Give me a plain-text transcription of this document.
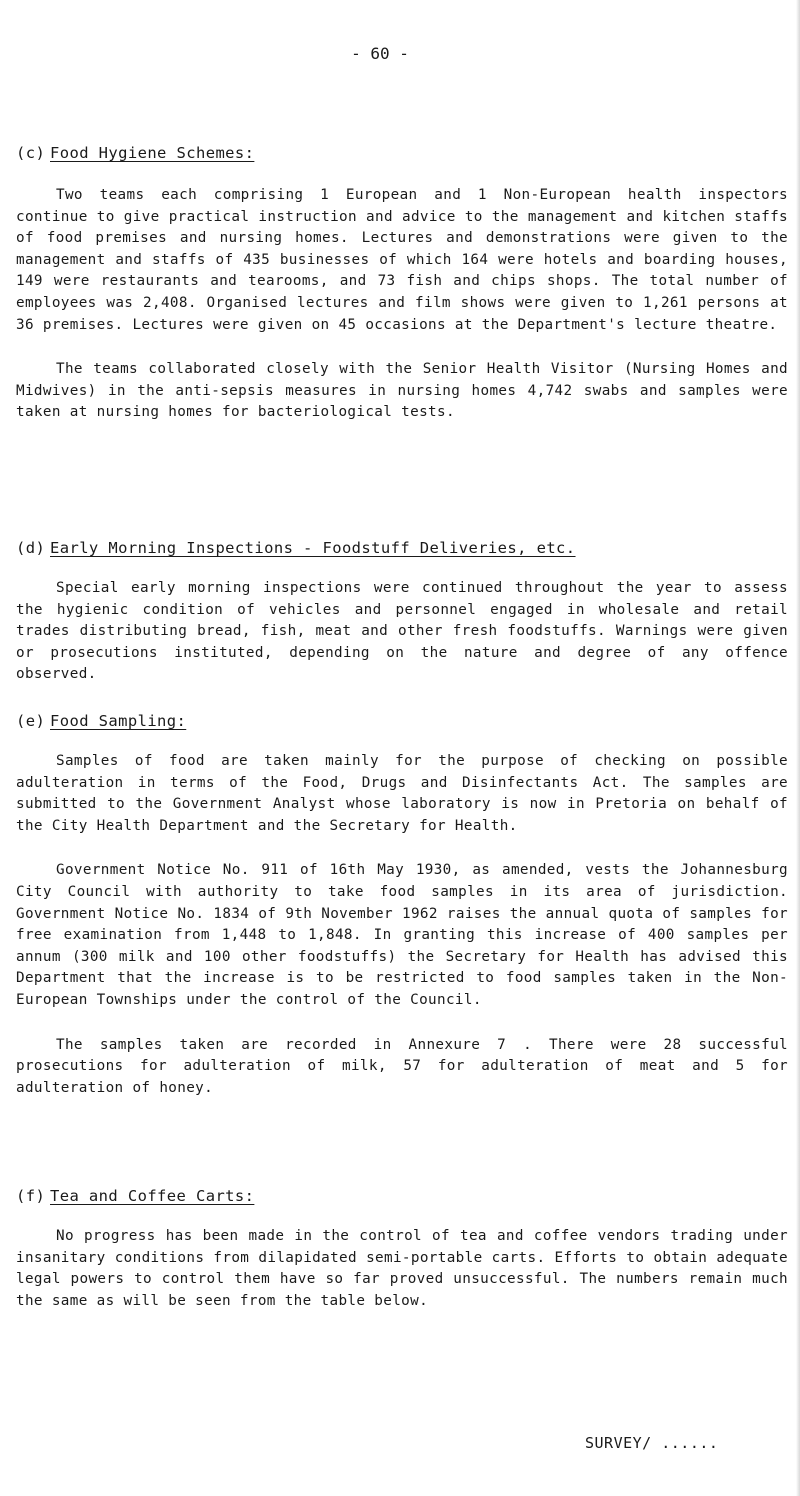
- 60 -
(c) Food Hygiene Schemes:

Two teams each comprising 1 European and 1 Non-European health inspectors continue to give practical instruction and advice to the management and kitchen staffs of food premises and nursing homes. Lectures and demonstrations were given to the management and staffs of 435 businesses of which 164 were hotels and boarding houses, 149 were restaurants and tearooms, and 73 fish and chips shops. The total number of employees was 2,408. Organised lectures and film shows were given to 1,261 persons at 36 premises. Lectures were given on 45 occasions at the Department's lecture theatre.

The teams collaborated closely with the Senior Health Visitor (Nursing Homes and Midwives) in the anti-sepsis measures in nursing homes 4,742 swabs and samples were taken at nursing homes for bacteriological tests.

(d) Early Morning Inspections - Foodstuff Deliveries, etc.

Special early morning inspections were continued throughout the year to assess the hygienic condition of vehicles and personnel engaged in wholesale and retail trades distributing bread, fish, meat and other fresh foodstuffs. Warnings were given or prosecutions instituted, depending on the nature and degree of any offence observed.

(e) Food Sampling:

Samples of food are taken mainly for the purpose of checking on possible adulteration in terms of the Food, Drugs and Disinfectants Act. The samples are submitted to the Government Analyst whose laboratory is now in Pretoria on behalf of the City Health Department and the Secretary for Health.

Government Notice No. 911 of 16th May 1930, as amended, vests the Johannesburg City Council with authority to take food samples in its area of jurisdiction. Government Notice No. 1834 of 9th November 1962 raises the annual quota of samples for free examination from 1,448 to 1,848. In granting this increase of 400 samples per annum (300 milk and 100 other foodstuffs) the Secretary for Health has advised this Department that the increase is to be restricted to food samples taken in the Non-European Townships under the control of the Council.

The samples taken are recorded in Annexure 7 . There were 28 successful prosecutions for adulteration of milk, 57 for adulteration of meat and 5 for adulteration of honey.

(f) Tea and Coffee Carts:

No progress has been made in the control of tea and coffee vendors trading under insanitary conditions from dilapidated semi-portable carts. Efforts to obtain adequate legal powers to control them have so far proved unsuccessful. The numbers remain much the same as will be seen from the table below.

SURVEY/ ......
